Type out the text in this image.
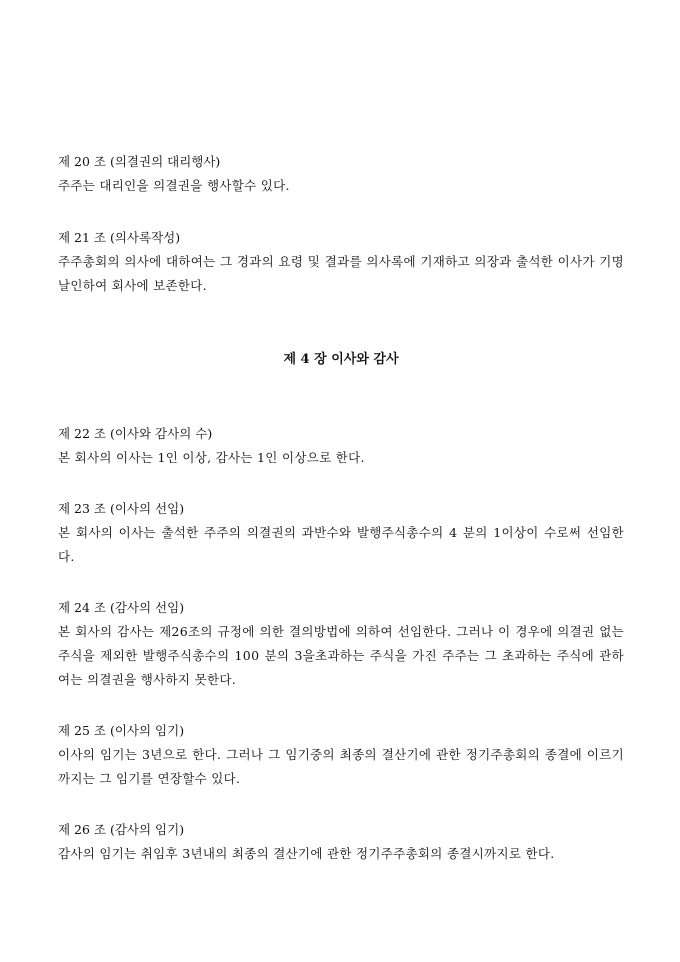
제 20 조 (의결권의 대리행사)
주주는 대리인을 의결권을 행사할수 있다.
제 21 조 (의사록작성)
주주총회의 의사에 대하여는 그 경과의 요령 및 결과를 의사록에 기재하고 의장과 출석한 이사가 기명날인하여 회사에 보존한다.
제 4 장 이사와 감사
제 22 조 (이사와 감사의 수)
본 회사의 이사는 1인 이상, 감사는 1인 이상으로 한다.
제 23 조 (이사의 선임)
본 회사의 이사는 출석한 주주의 의결권의 과반수와 발행주식총수의 4 분의 1이상이 수로써 선임한다.
제 24 조 (감사의 선임)
본 회사의 감사는 제26조의 규정에 의한 결의방법에 의하여 선임한다. 그러나 이 경우에 의결권 없는 주식을 제외한 발행주식총수의 100 분의 3을초과하는 주식을 가진 주주는 그 초과하는 주식에 관하여는 의결권을 행사하지 못한다.
제 25 조 (이사의 임기)
이사의 임기는 3년으로 한다. 그러나 그 임기중의 최종의 결산기에 관한 정기주총회의 종결에 이르기까지는 그 임기를 연장할수 있다.
제 26 조 (감사의 임기)
감사의 임기는 취임후 3년내의 최종의 결산기에 관한 정기주주총회의 종결시까지로 한다.
